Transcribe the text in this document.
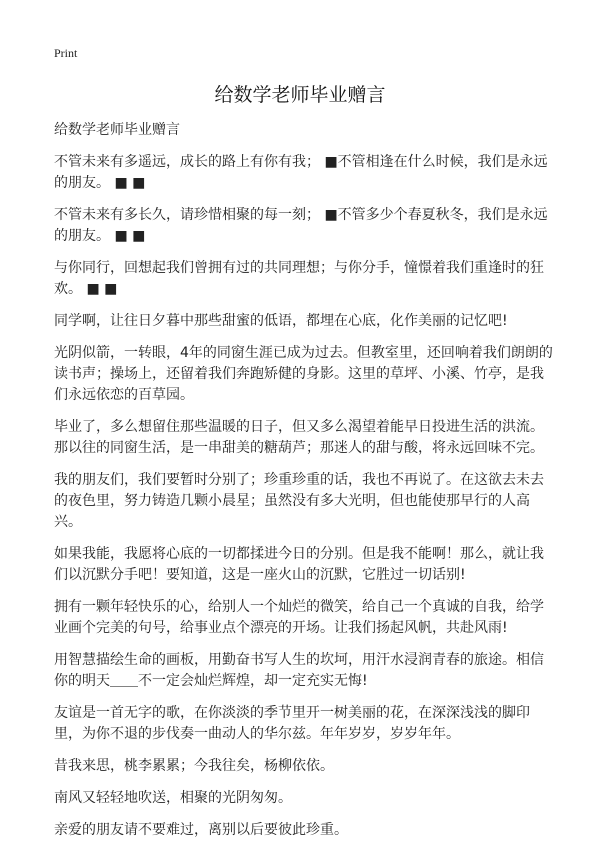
Print
给数学老师毕业赠言

给数学老师毕业赠言

不管未来有多遥远，成长的路上有你有我； ■不管相逢在什么时候，我们是永远的朋友。 ■ ■

不管未来有多长久，请珍惜相聚的每一刻； ■不管多少个春夏秋冬，我们是永远的朋友。 ■ ■

与你同行，回想起我们曾拥有过的共同理想；与你分手，憧憬着我们重逢时的狂欢。 ■ ■

同学啊，让往日夕暮中那些甜蜜的低语，都埋在心底，化作美丽的记忆吧!

光阴似箭，一转眼，4年的同窗生涯已成为过去。但教室里，还回响着我们朗朗的读书声；操场上，还留着我们奔跑矫健的身影。这里的草坪、小溪、竹亭，是我们永远依恋的百草园。

毕业了，多么想留住那些温暖的日子，但又多么渴望着能早日投进生活的洪流。那以往的同窗生活，是一串甜美的糖葫芦；那迷人的甜与酸，将永远回味不完。

我的朋友们，我们要暂时分别了；珍重珍重的话，我也不再说了。在这欲去未去的夜色里，努力铸造几颗小晨星；虽然没有多大光明，但也能使那早行的人高兴。

如果我能，我愿将心底的一切都揉进今日的分别。但是我不能啊！那么，就让我们以沉默分手吧！要知道，这是一座火山的沉默，它胜过一切话别!

拥有一颗年轻快乐的心，给别人一个灿烂的微笑，给自己一个真诚的自我，给学业画个完美的句号，给事业点个漂亮的开场。让我们扬起风帆，共赴风雨!

用智慧描绘生命的画板，用勤奋书写人生的坎坷，用汗水浸润青春的旅途。相信你的明天＿＿不一定会灿烂辉煌，却一定充实无悔!

友谊是一首无字的歌，在你淡淡的季节里开一树美丽的花，在深深浅浅的脚印里，为你不退的步伐奏一曲动人的华尔兹。年年岁岁，岁岁年年。

昔我来思，桃李累累；今我往矣，杨柳依依。

南风又轻轻地吹送，相聚的光阴匆匆。

亲爱的朋友请不要难过，离别以后要彼此珍重。
